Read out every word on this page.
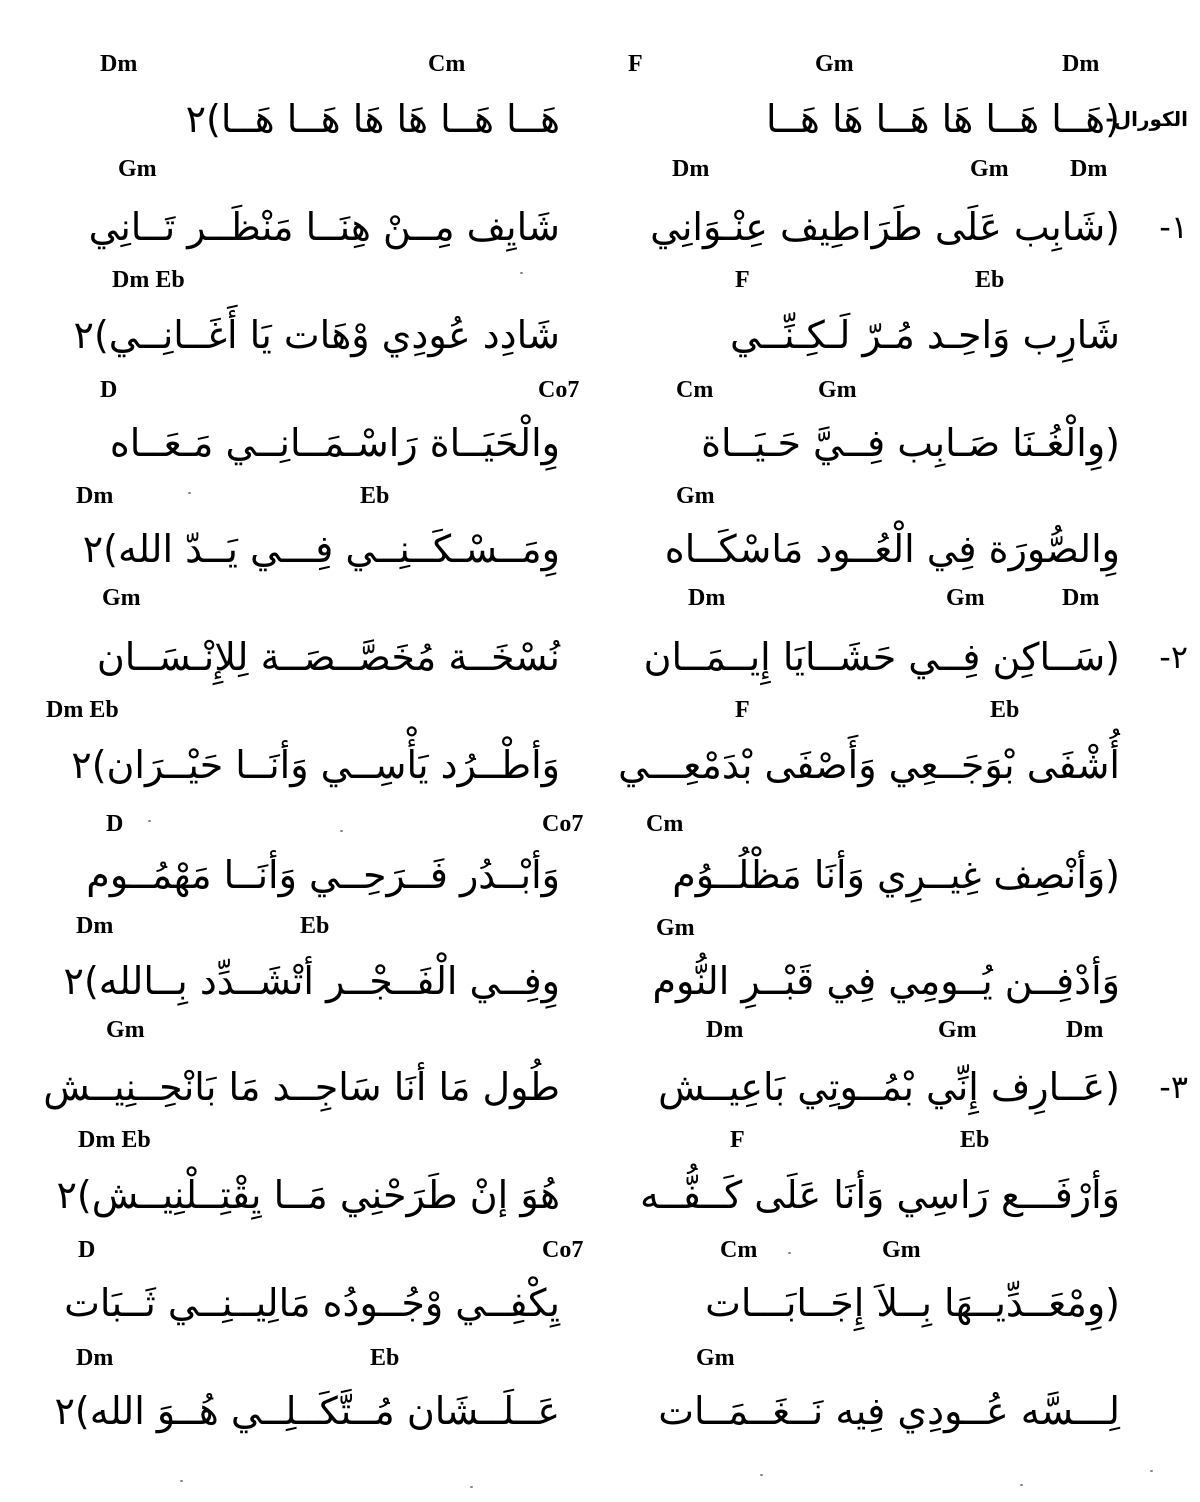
Dm	Cm	F	Gm	Dm
الكورال-
(هَــا هَــا هَا هَــا هَا هَــا
هَــا هَــا هَا هَا هَــا هَــا)٢
Gm	Dm	Gm	Dm
١-
(شَابِب عَلَى طَرَاطِيف عِنْـوَانِي
شَايِف مِــنْ هِنَــا مَنْظَــر تَــانِي
Dm Eb	F	Eb
شَارِب وَاحِـد مُـرّ لَـكِـنِّــي
شَادِد عُودِي وْهَات يَا أَغَــانِــي)٢
D	Co7	Cm	Gm
(وِالْغُـنَا صَـابِب فِــيَّ حَـيَــاة
وِالْحَيَــاة رَاسْـمَــانِــي مَـعَــاه
Dm	Eb	Gm
وِالصُّورَة فِي الْعُــود مَاسْكَــاه
وِمَــسْـكَــنِــي فِـــي يَــدّ الله)٢
Gm	Dm	Gm	Dm
٢-
(سَــاكِن فِــي حَشَــايَا إِيــمَــان
نُسْخَــة مُخَصَّــصَــة لِلإِنْـسَــان
Dm Eb	F	Eb
أُشْفَى بْوَجَــعِي وَأَصْفَى بْدَمْعِـــي
وَأطْــرُد يَأْسِــي وَأنَــا حَيْــرَان)٢
D	Co7	Cm
(وَأنْصِف غِيــرِي وَأنَا مَظْلُــوُم
وَأبْــدُر فَــرَحِــي وَأنَــا مَهْمُــوم
Dm	Eb	Gm
وَأدْفِــن يُــومِي فِي قَبْــرِ النُّوم
وِفِــي الْفَــجْــر أتْشَــدِّد بِــالله)٢
Gm	Dm	Gm	Dm
٣-
(عَــارِف إِنِّي بْمُــوتِي بَاعِيــش
طُول مَا أنَا سَاجِــد مَا بَانْحِــنِيــش
Dm Eb	F	Eb
وَأرْفَـــع رَاسِي وَأنَا عَلَى كَــفُّــه
هُوَ إنْ طَرَحْنِي مَــا يِقْتِــلْنِيــش)٢
D	Co7	Cm	Gm
(وِمْعَــدِّيــهَا بِــلاَ إِجَــابَـــات
يِكْفِــي وْجُــودُه مَالِيــنِــي ثَــبَات
Dm	Eb	Gm
لِـــسَّه عُــودِي فِيه نَــغَــمَــات
عَــلَــشَان مُــتَّكَــلِــي هُــوَ الله)٢
